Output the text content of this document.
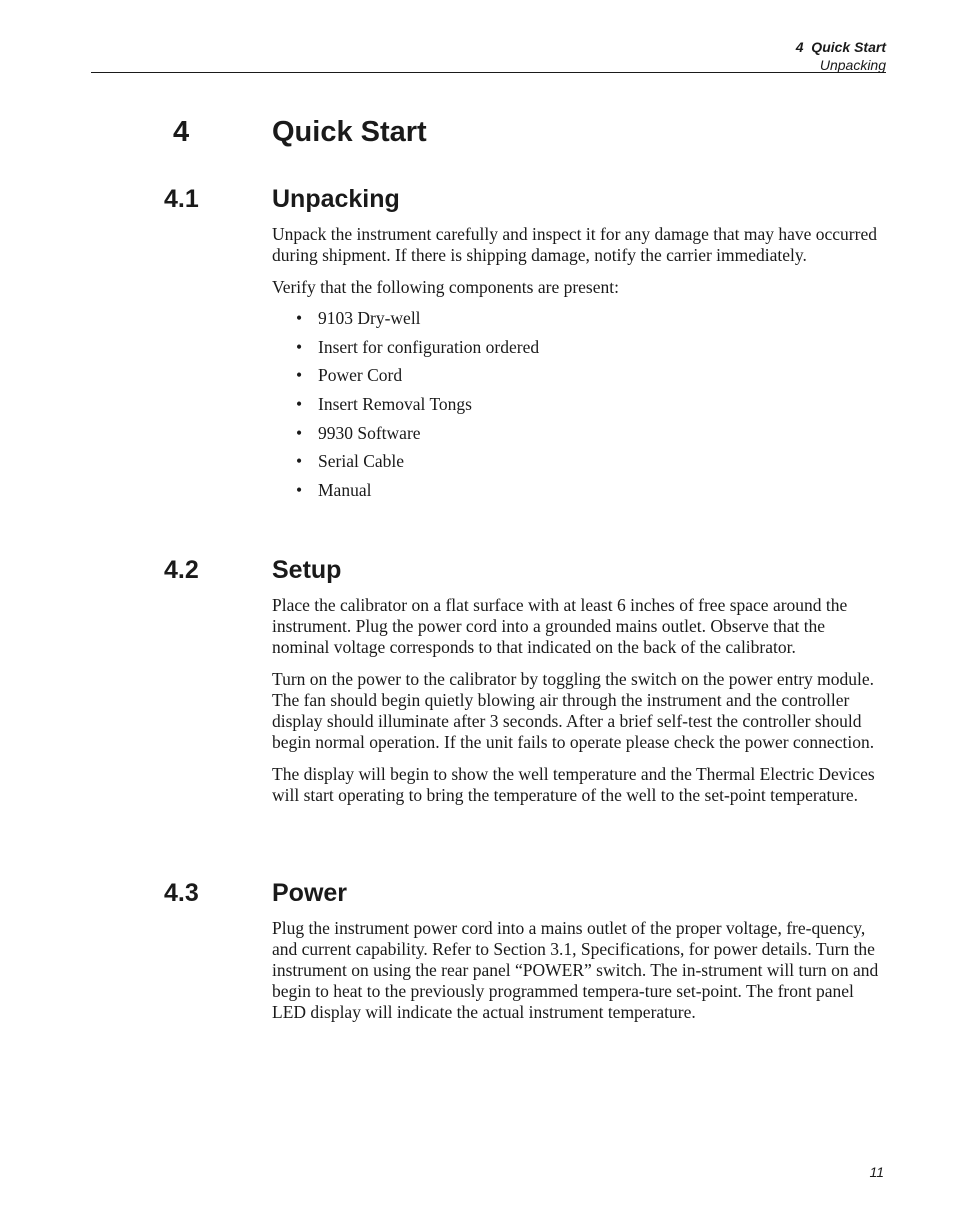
4  Quick Start
Unpacking
4	Quick Start
4.1	Unpacking

Unpack the instrument carefully and inspect it for any damage that may have occurred during shipment. If there is shipping damage, notify the carrier immediately.

Verify that the following components are present:

• 9103 Dry-well
• Insert for configuration ordered
• Power Cord
• Insert Removal Tongs
• 9930 Software
• Serial Cable
• Manual
4.2	Setup

Place the calibrator on a flat surface with at least 6 inches of free space around the instrument. Plug the power cord into a grounded mains outlet. Observe that the nominal voltage corresponds to that indicated on the back of the calibrator.

Turn on the power to the calibrator by toggling the switch on the power entry module. The fan should begin quietly blowing air through the instrument and the controller display should illuminate after 3 seconds. After a brief self-test the controller should begin normal operation. If the unit fails to operate please check the power connection.

The display will begin to show the well temperature and the Thermal Electric Devices will start operating to bring the temperature of the well to the set-point temperature.

4.3	Power

Plug the instrument power cord into a mains outlet of the proper voltage, fre-quency, and current capability. Refer to Section 3.1, Specifications, for power details. Turn the instrument on using the rear panel “POWER” switch. The in-strument will turn on and begin to heat to the previously programmed tempera-ture set-point. The front panel LED display will indicate the actual instrument temperature.

11
